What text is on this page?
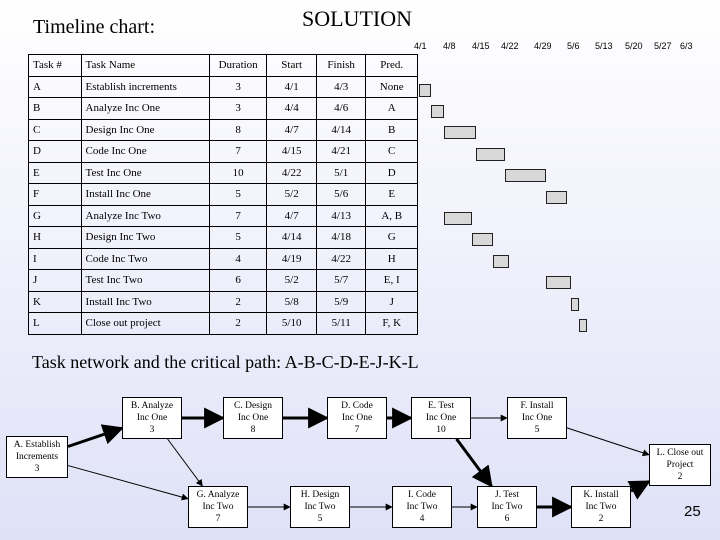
Timeline chart:	SOLUTION
4/1 4/8 4/15 4/22 4/29 5/6 5/13 5/20 5/27 6/3
Task #	Task Name	Duration	Start	Finish	Pred.
A	Establish increments	3	4/1	4/3	None
B	Analyze Inc One	3	4/4	4/6	A
C	Design Inc One	8	4/7	4/14	B
D	Code Inc One	7	4/15	4/21	C
E	Test Inc One	10	4/22	5/1	D
F	Install Inc One	5	5/2	5/6	E
G	Analyze Inc Two	7	4/7	4/13	A, B
H	Design Inc Two	5	4/14	4/18	G
I	Code Inc Two	4	4/19	4/22	H
J	Test Inc Two	6	5/2	5/7	E, I
K	Install Inc Two	2	5/8	5/9	J
L	Close out project	2	5/10	5/11	F, K
Task network and the critical path: A-B-C-D-E-J-K-L
A. Establish
Increments
3
B. Analyze
Inc One
3
C. Design
Inc One
8
D. Code
Inc One
7
E. Test
Inc One
10
F. Install
Inc One
5
G. Analyze
Inc Two
7
H. Design
Inc Two
5
I. Code
Inc Two
4
J. Test
Inc Two
6
K. Install
Inc Two
2
L. Close out
Project
2
25
